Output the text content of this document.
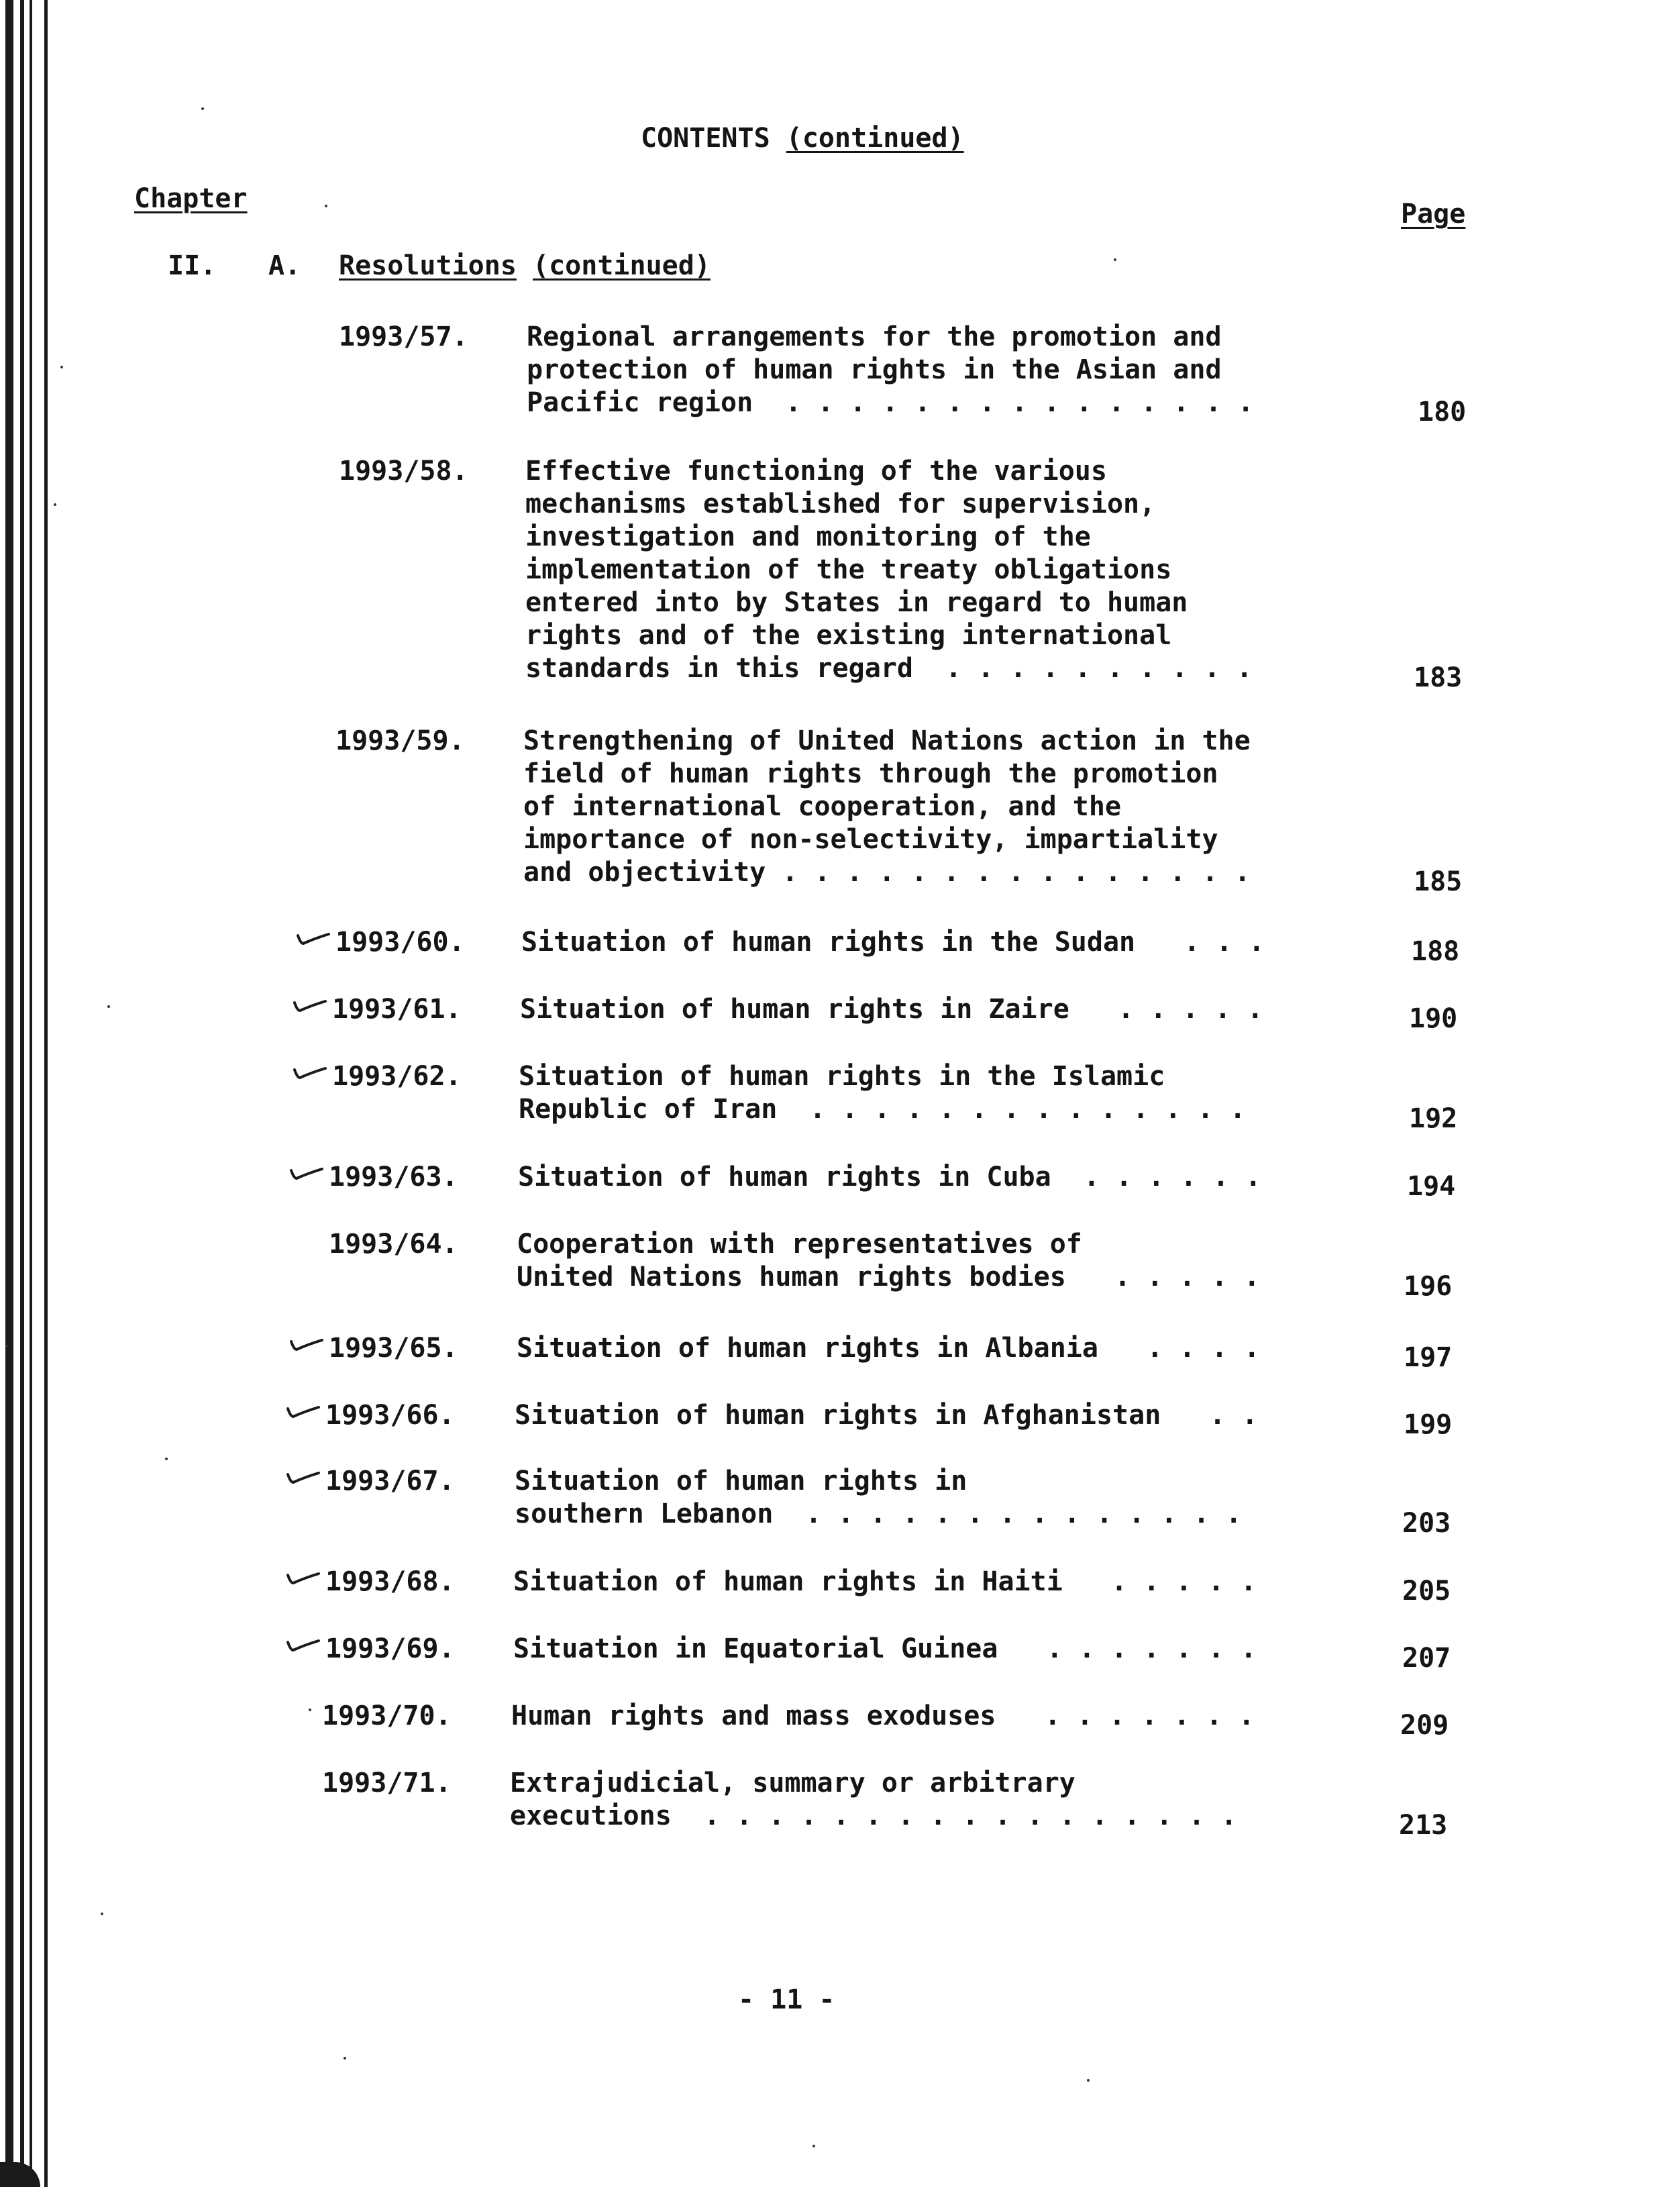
CONTENTS (continued)
Chapter	Page
II. A. Resolutions (continued)
1993/57. Regional arrangements for the promotion and
protection of human rights in the Asian and
Pacific region  . . . . . . . . . . . . . . .	180
1993/58. Effective functioning of the various
mechanisms established for supervision,
investigation and monitoring of the
implementation of the treaty obligations
entered into by States in regard to human
rights and of the existing international
standards in this regard  . . . . . . . . . .	183
1993/59. Strengthening of United Nations action in the
field of human rights through the promotion
of international cooperation, and the
importance of non-selectivity, impartiality
and objectivity . . . . . . . . . . . . . . .	185
1993/60. Situation of human rights in the Sudan   . . .	188
1993/61. Situation of human rights in Zaire   . . . . .	190
1993/62. Situation of human rights in the Islamic
Republic of Iran  . . . . . . . . . . . . . .	192
1993/63. Situation of human rights in Cuba  . . . . . .	194
1993/64. Cooperation with representatives of
United Nations human rights bodies   . . . . .	196
1993/65. Situation of human rights in Albania   . . . .	197
1993/66. Situation of human rights in Afghanistan   . .	199
1993/67. Situation of human rights in
southern Lebanon  . . . . . . . . . . . . . .	203
1993/68. Situation of human rights in Haiti   . . . . .	205
1993/69. Situation in Equatorial Guinea   . . . . . . .	207
1993/70. Human rights and mass exoduses   . . . . . . .	209
1993/71. Extrajudicial, summary or arbitrary
executions  . . . . . . . . . . . . . . . . .	213
- 11 -
